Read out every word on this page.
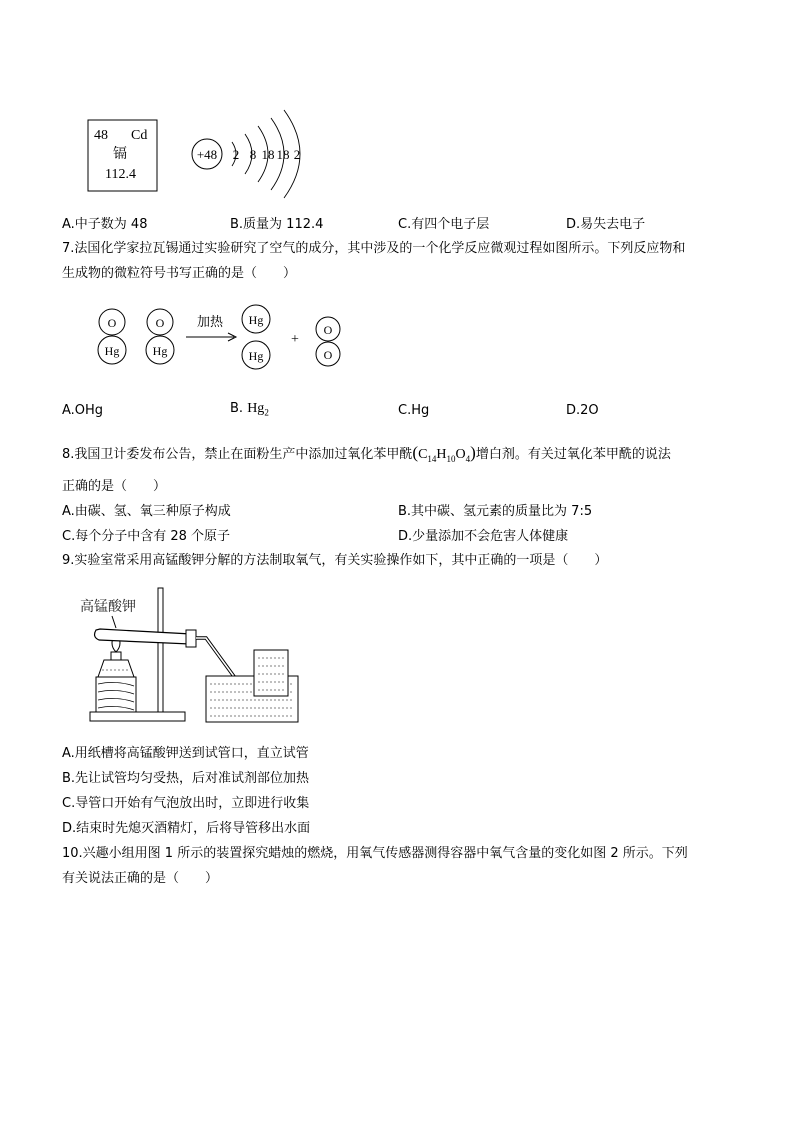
48 Cd
镉
112.4
+48 2 8 18 18 2
A.中子数为 48	B.质量为 112.4	C.有四个电子层	D.易失去电子
7.法国化学家拉瓦锡通过实验研究了空气的成分，其中涉及的一个化学反应微观过程如图所示。下列反应物和
生成物的微粒符号书写正确的是（　　）
O
Hg
O
Hg
加热 Hg
Hg
+
O
O
A.OHg	B. $Hg_2$	C.Hg	D.2O
8.我国卫计委发布公告，禁止在面粉生产中添加过氧化苯甲酰$(C_{14}H_{10}O_4)$增白剂。有关过氧化苯甲酰的说法
正确的是（　　）
A.由碳、氢、氧三种原子构成	B.其中碳、氢元素的质量比为 7:5
C.每个分子中含有 28 个原子	D.少量添加不会危害人体健康
9.实验室常采用高锰酸钾分解的方法制取氧气，有关实验操作如下，其中正确的一项是（　　）
高锰酸钾
A.用纸槽将高锰酸钾送到试管口，直立试管
B.先让试管均匀受热，后对准试剂部位加热
C.导管口开始有气泡放出时，立即进行收集
D.结束时先熄灭酒精灯，后将导管移出水面
10.兴趣小组用图 1 所示的装置探究蜡烛的燃烧，用氧气传感器测得容器中氧气含量的变化如图 2 所示。下列
有关说法正确的是（　　）
